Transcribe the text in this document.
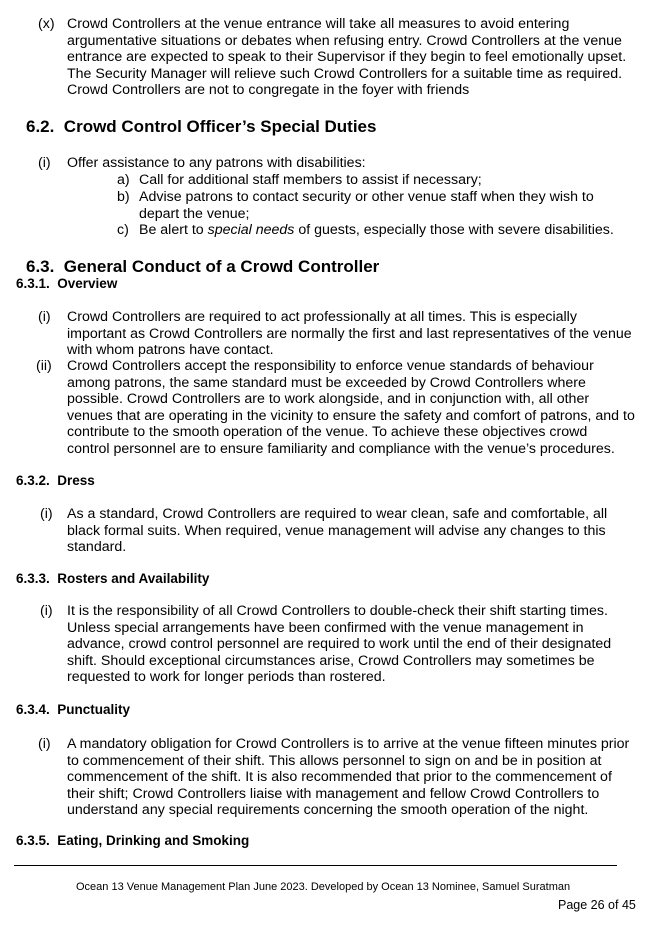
(x) Crowd Controllers at the venue entrance will take all measures to avoid entering
argumentative situations or debates when refusing entry. Crowd Controllers at the venue
entrance are expected to speak to their Supervisor if they begin to feel emotionally upset.
The Security Manager will relieve such Crowd Controllers for a suitable time as required.
Crowd Controllers are not to congregate in the foyer with friends
6.2.  Crowd Control Officer’s Special Duties
(i) Offer assistance to any patrons with disabilities:
a) Call for additional staff members to assist if necessary;
b) Advise patrons to contact security or other venue staff when they wish to
depart the venue;
c) Be alert to special needs of guests, especially those with severe disabilities.
6.3.  General Conduct of a Crowd Controller
6.3.1.  Overview
(i) Crowd Controllers are required to act professionally at all times. This is especially
important as Crowd Controllers are normally the first and last representatives of the venue
with whom patrons have contact.
(ii) Crowd Controllers accept the responsibility to enforce venue standards of behaviour
among patrons, the same standard must be exceeded by Crowd Controllers where
possible. Crowd Controllers are to work alongside, and in conjunction with, all other
venues that are operating in the vicinity to ensure the safety and comfort of patrons, and to
contribute to the smooth operation of the venue. To achieve these objectives crowd
control personnel are to ensure familiarity and compliance with the venue’s procedures.
6.3.2.  Dress
(i) As a standard, Crowd Controllers are required to wear clean, safe and comfortable, all
black formal suits. When required, venue management will advise any changes to this
standard.
6.3.3.  Rosters and Availability
(i) It is the responsibility of all Crowd Controllers to double-check their shift starting times.
Unless special arrangements have been confirmed with the venue management in
advance, crowd control personnel are required to work until the end of their designated
shift. Should exceptional circumstances arise, Crowd Controllers may sometimes be
requested to work for longer periods than rostered.
6.3.4.  Punctuality
(i) A mandatory obligation for Crowd Controllers is to arrive at the venue fifteen minutes prior
to commencement of their shift. This allows personnel to sign on and be in position at
commencement of the shift. It is also recommended that prior to the commencement of
their shift; Crowd Controllers liaise with management and fellow Crowd Controllers to
understand any special requirements concerning the smooth operation of the night.
6.3.5.  Eating, Drinking and Smoking
Ocean 13 Venue Management Plan June 2023. Developed by Ocean 13 Nominee, Samuel Suratman
Page 26 of 45
